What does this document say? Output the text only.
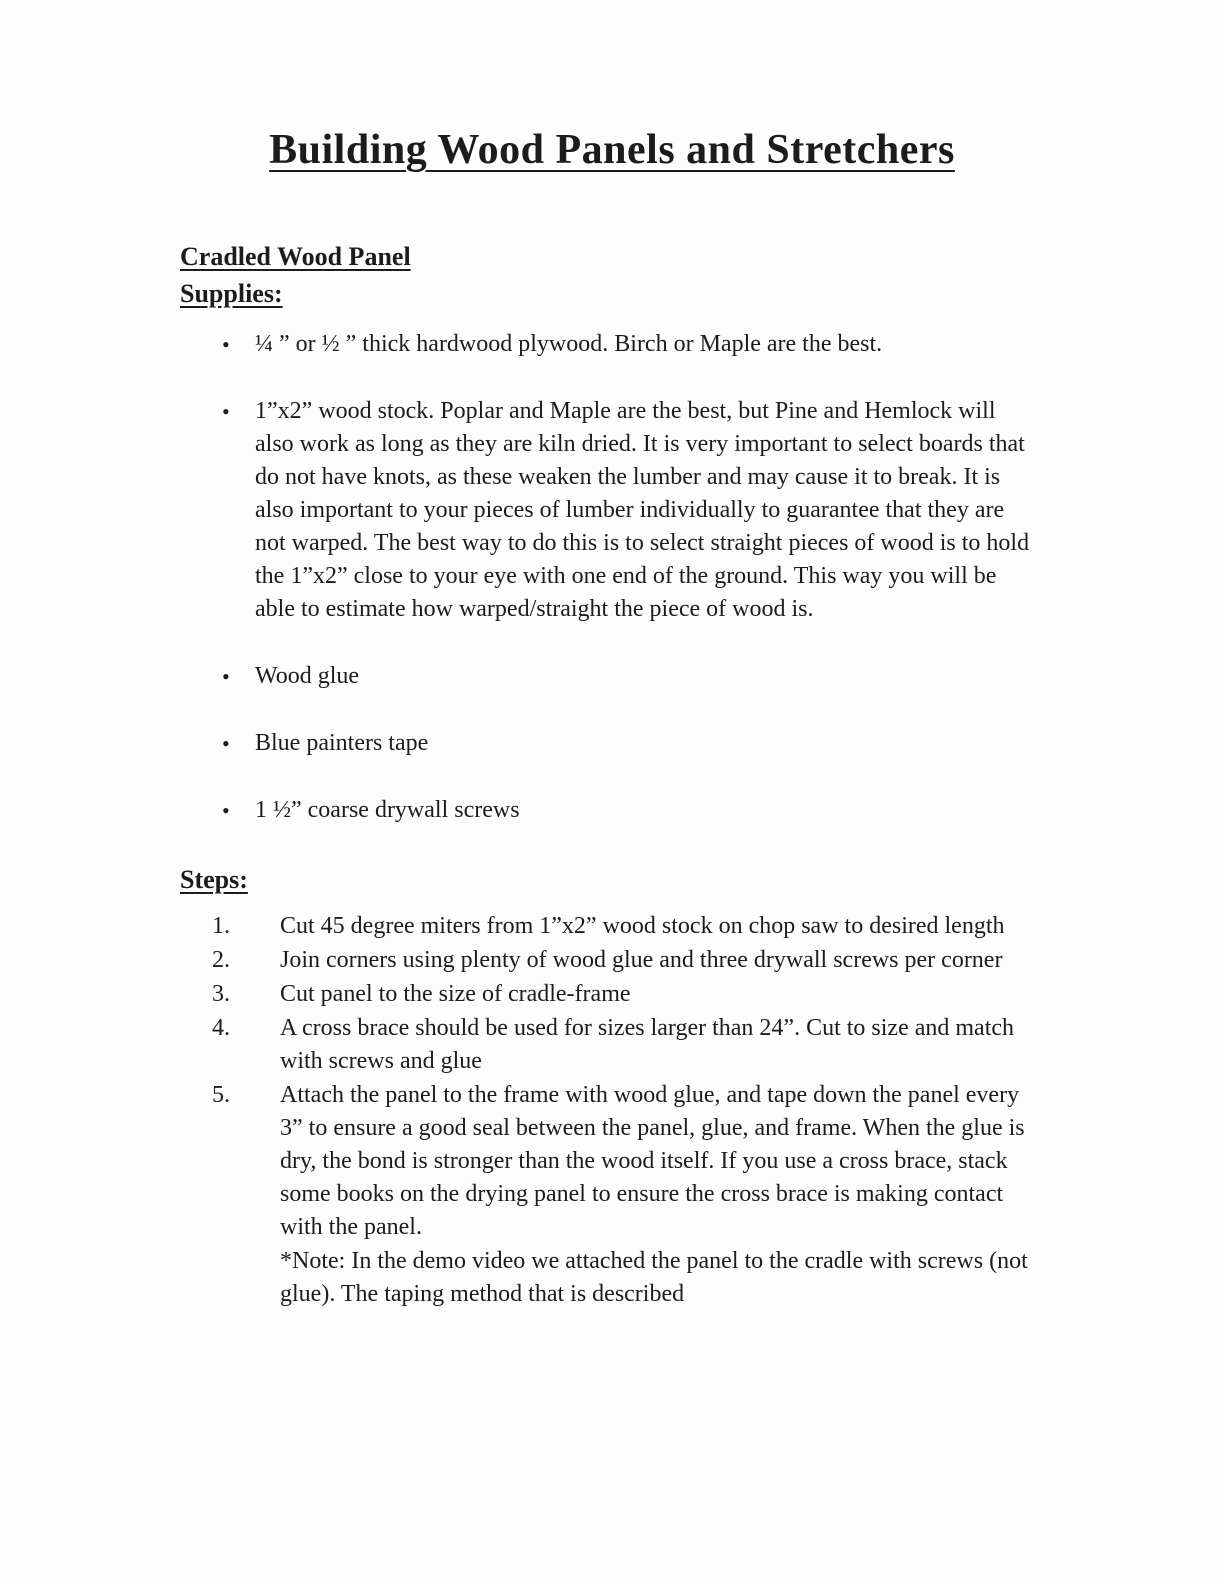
Building Wood Panels and Stretchers
Cradled Wood Panel
Supplies:
•
¼ ” or ½ ” thick hardwood plywood. Birch or Maple are the best.
•
1”x2” wood stock. Poplar and Maple are the best, but Pine and Hemlock will also work as long as they are kiln dried. It is very important to select boards that do not have knots, as these weaken the lumber and may cause it to break. It is also important to your pieces of lumber individually to guarantee that they are not warped. The best way to do this is to select straight pieces of wood is to hold the 1”x2” close to your eye with one end of the ground. This way you will be able to estimate how warped/straight the piece of wood is.
•
Wood glue
•
Blue painters tape
•
1 ½” coarse drywall screws
Steps:
1.	Cut 45 degree miters from 1”x2” wood stock on chop saw to desired length
2.	Join corners using plenty of wood glue and three drywall screws per corner
3.	Cut panel to the size of cradle-frame
4.	A cross brace should be used for sizes larger than 24”. Cut to size and match with screws and glue
5.	Attach the panel to the frame with wood glue, and tape down the panel every 3” to ensure a good seal between the panel, glue, and frame. When the glue is dry, the bond is stronger than the wood itself. If you use a cross brace, stack some books on the drying panel to ensure the cross brace is making contact with the panel.

*Note: In the demo video we attached the panel to the cradle with screws (not glue). The taping method that is described
